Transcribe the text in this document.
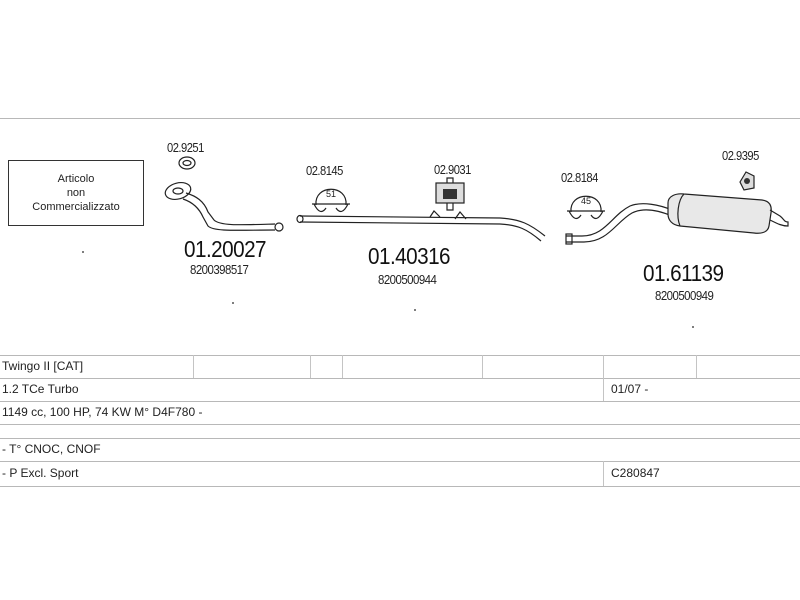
Articolo
non
Commercializzato
51
45
02.9251
01.20027
8200398517
02.8145	02.9031
01.40316
8200500944
02.8184
02.9395
01.61139
8200500949
Twingo II [CAT]
1.2 TCe Turbo	01/07 -
1149 cc, 100 HP, 74 KW M° D4F780 -
- T° CNOC, CNOF
- P Excl. Sport	C280847
